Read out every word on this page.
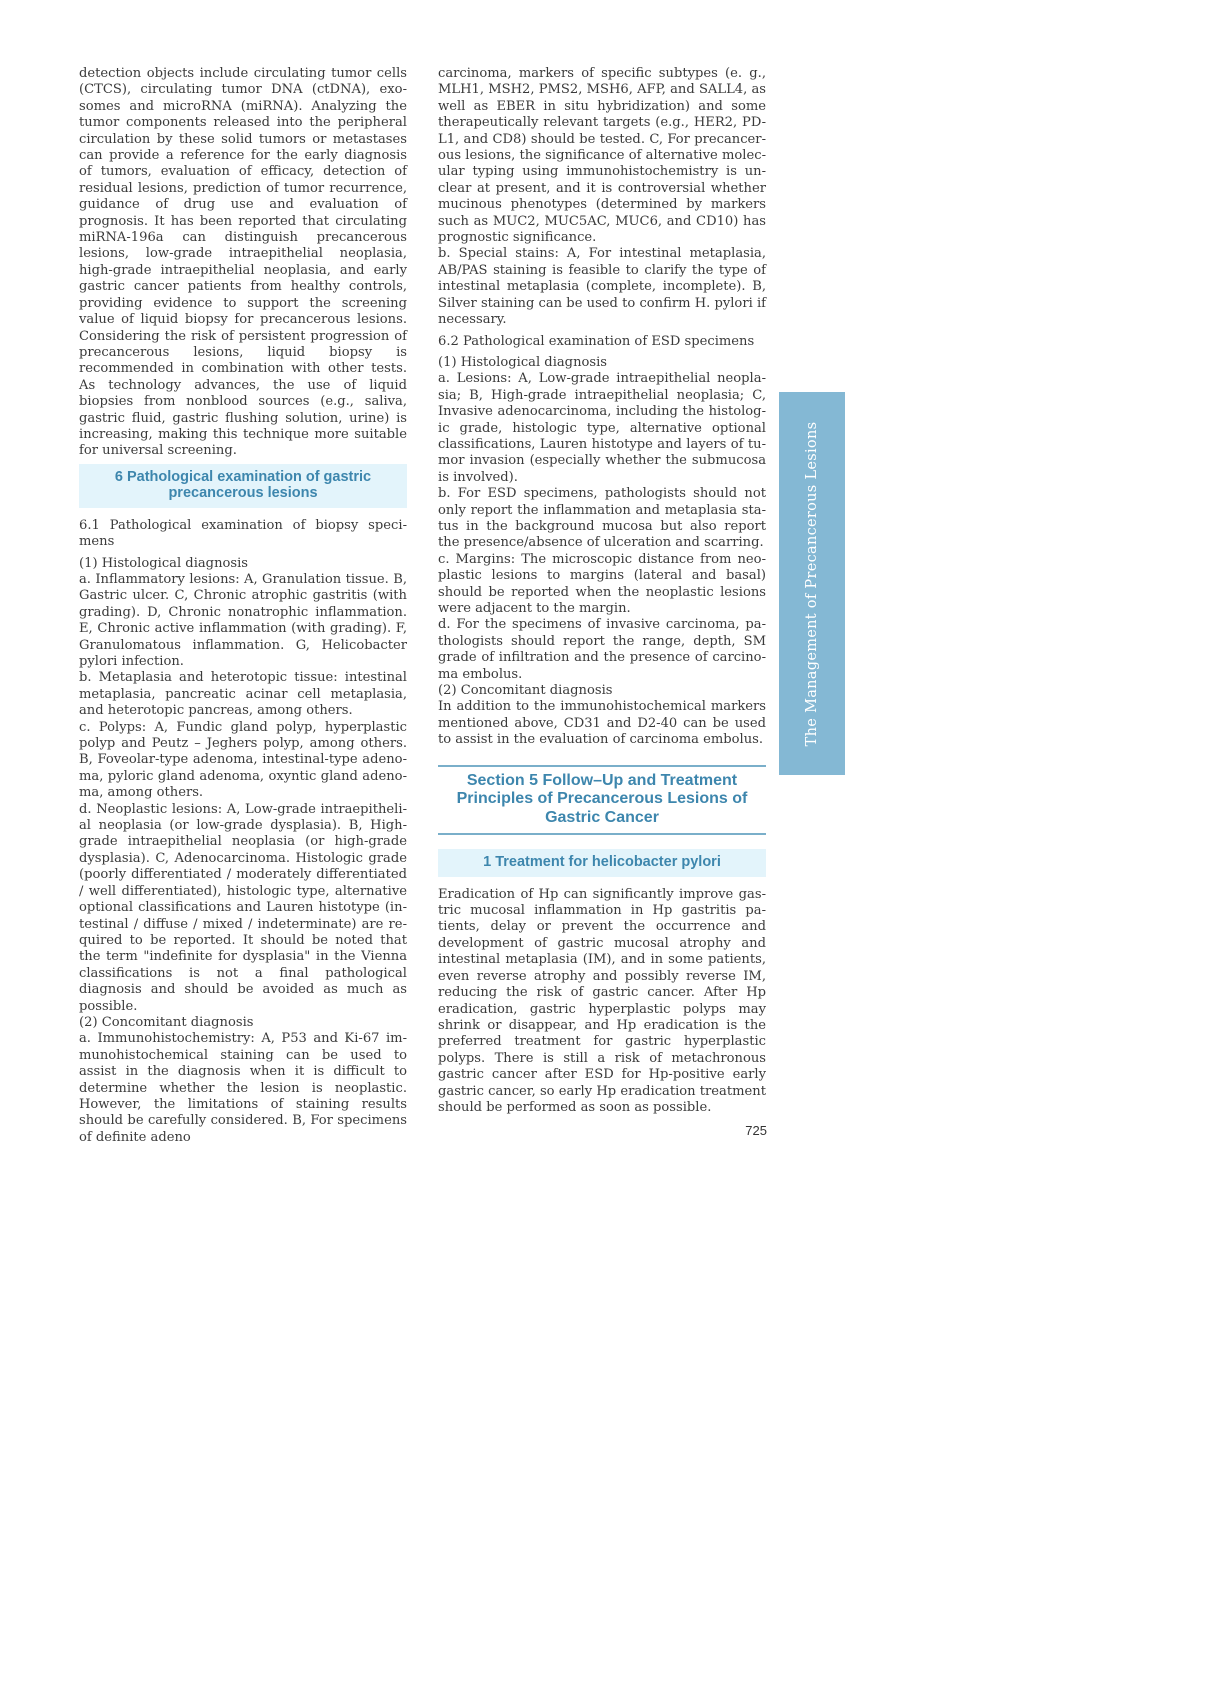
detection objects include circulating tumor cells (CTCS), circulating tumor DNA (ctDNA), exosomes and microRNA (miRNA). Analyzing the tumor components released into the peripheral circulation by these solid tumors or metastases can provide a reference for the early diagnosis of tumors, evaluation of efficacy, detection of residual lesions, prediction of tumor recurrence, guidance of drug use and evaluation of prognosis. It has been reported that circulating miRNA-196a can distinguish precancerous lesions, low-grade intraepithelial neoplasia, high-grade intraepithelial neoplasia, and early gastric cancer patients from healthy controls, providing evidence to support the screening value of liquid biopsy for precancerous lesions. Considering the risk of persistent progression of precancerous lesions, liquid biopsy is recommended in combination with other tests. As technology advances, the use of liquid biopsies from nonblood sources (e.g., saliva, gastric fluid, gastric flushing solution, urine) is increasing, making this technique more suitable for universal screening.

6 Pathological examination of gastric precancerous lesions

6.1 Pathological examination of biopsy specimens

(1) Histological diagnosis

a. Inflammatory lesions: A, Granulation tissue. B, Gastric ulcer. C, Chronic atrophic gastritis (with grading). D, Chronic nonatrophic inflammation. E, Chronic active inflammation (with grading). F, Granulomatous inflammation. G, Helicobacter pylori infection.

b. Metaplasia and heterotopic tissue: intestinal metaplasia, pancreatic acinar cell metaplasia, and heterotopic pancreas, among others.

c. Polyps: A, Fundic gland polyp, hyperplastic polyp and Peutz – Jeghers polyp, among others. B, Foveolar-type adenoma, intestinal-type adenoma, pyloric gland adenoma, oxyntic gland adenoma, among others.

d. Neoplastic lesions: A, Low-grade intraepithelial neoplasia (or low-grade dysplasia). B, High-grade intraepithelial neoplasia (or high-grade dysplasia). C, Adenocarcinoma. Histologic grade (poorly differentiated / moderately differentiated / well differentiated), histologic type, alternative optional classifications and Lauren histotype (intestinal / diffuse / mixed / indeterminate) are required to be reported. It should be noted that the term "indefinite for dysplasia" in the Vienna classifications is not a final pathological diagnosis and should be avoided as much as possible.

(2) Concomitant diagnosis

a. Immunohistochemistry: A, P53 and Ki-67 immunohistochemical staining can be used to assist in the diagnosis when it is difficult to determine whether the lesion is neoplastic. However, the limitations of staining results should be carefully considered. B, For specimens of definite adeno

carcinoma, markers of specific subtypes (e. g., MLH1, MSH2, PMS2, MSH6, AFP, and SALL4, as well as EBER in situ hybridization) and some therapeutically relevant targets (e.g., HER2, PD-L1, and CD8) should be tested. C, For precancerous lesions, the significance of alternative molecular typing using immunohistochemistry is unclear at present, and it is controversial whether mucinous phenotypes (determined by markers such as MUC2, MUC5AC, MUC6, and CD10) has prognostic significance.

b. Special stains: A, For intestinal metaplasia, AB/PAS staining is feasible to clarify the type of intestinal metaplasia (complete, incomplete). B, Silver staining can be used to confirm H. pylori if necessary.

6.2 Pathological examination of ESD specimens

(1) Histological diagnosis

a. Lesions: A, Low-grade intraepithelial neoplasia; B, High-grade intraepithelial neoplasia; C, Invasive adenocarcinoma, including the histologic grade, histologic type, alternative optional classifications, Lauren histotype and layers of tumor invasion (especially whether the submucosa is involved).

b. For ESD specimens, pathologists should not only report the inflammation and metaplasia status in the background mucosa but also report the presence/absence of ulceration and scarring.

c. Margins: The microscopic distance from neoplastic lesions to margins (lateral and basal) should be reported when the neoplastic lesions were adjacent to the margin.

d. For the specimens of invasive carcinoma, pathologists should report the range, depth, SM grade of infiltration and the presence of carcinoma embolus.

(2) Concomitant diagnosis

In addition to the immunohistochemical markers mentioned above, CD31 and D2-40 can be used to assist in the evaluation of carcinoma embolus.

Section 5 Follow–Up and Treatment Principles of Precancerous Lesions of Gastric Cancer
1 Treatment for helicobacter pylori

Eradication of Hp can significantly improve gastric mucosal inflammation in Hp gastritis patients, delay or prevent the occurrence and development of gastric mucosal atrophy and intestinal metaplasia (IM), and in some patients, even reverse atrophy and possibly reverse IM, reducing the risk of gastric cancer. After Hp eradication, gastric hyperplastic polyps may shrink or disappear, and Hp eradication is the preferred treatment for gastric hyperplastic polyps. There is still a risk of metachronous gastric cancer after ESD for Hp-positive early gastric cancer, so early Hp eradication treatment should be performed as soon as possible.

The Management of Precancerous Lesions
725
